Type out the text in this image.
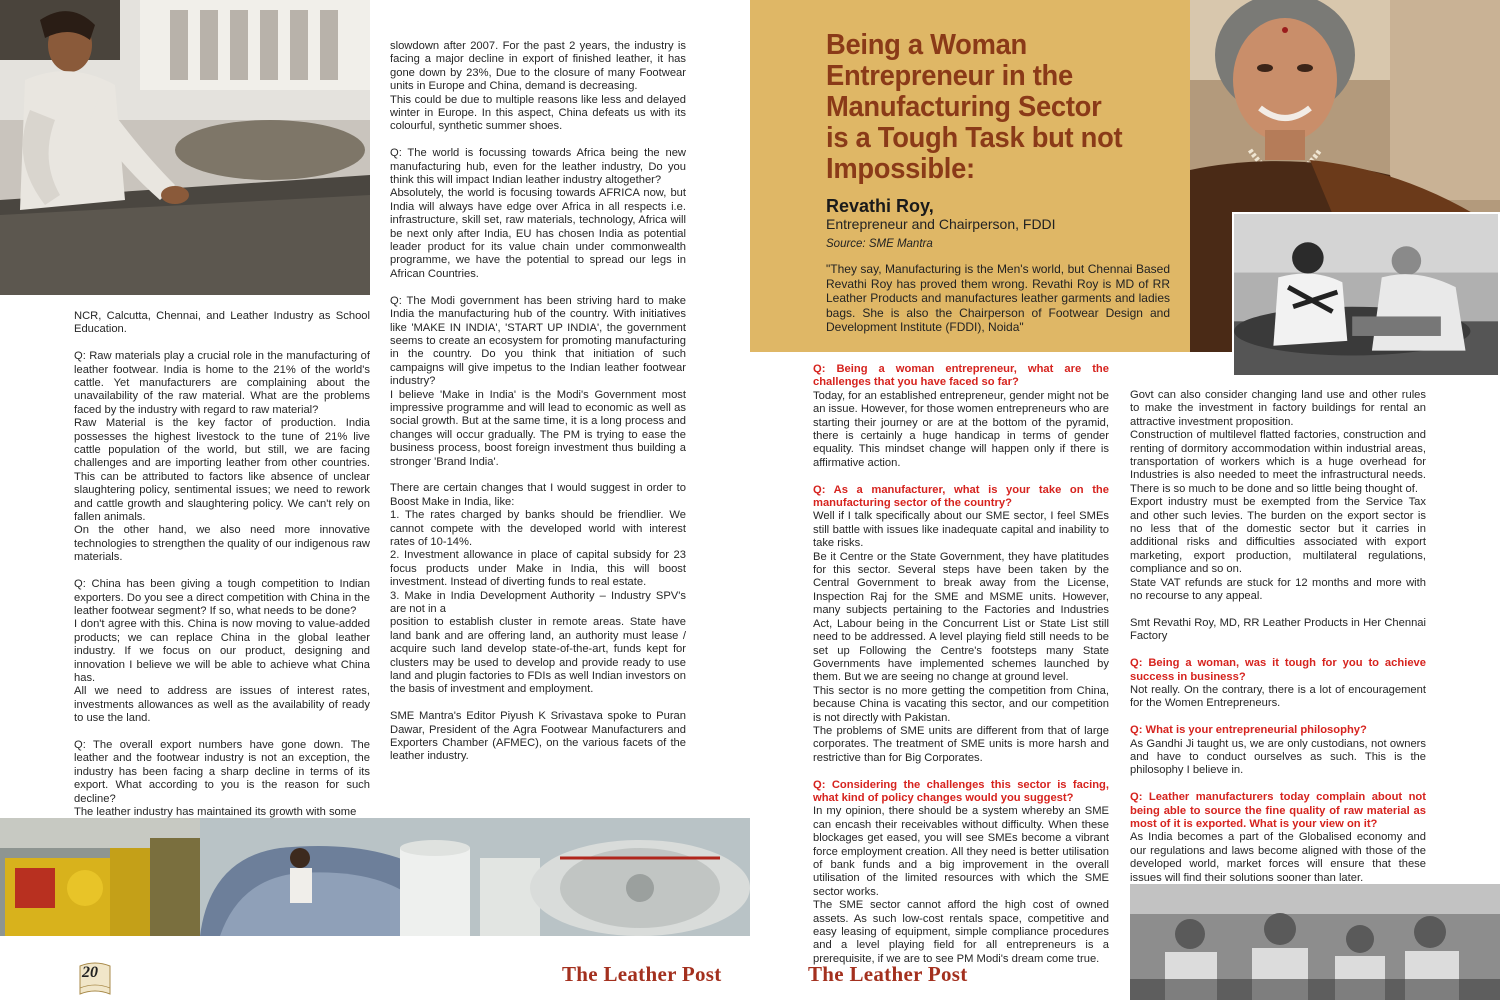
NCR, Calcutta, Chennai, and Leather Industry as School Education.

Q: Raw materials play a crucial role in the manufacturing of leather footwear. India is home to the 21% of the world's cattle. Yet manufacturers are complaining about the unavailability of the raw material. What are the problems faced by the industry with regard to raw material?

Raw Material is the key factor of production. India possesses the highest livestock to the tune of 21% live cattle population of the world, but still, we are facing challenges and are importing leather from other countries. This can be attributed to factors like absence of unclear slaughtering policy, sentimental issues; we need to rework and cattle growth and slaughtering policy. We can't rely on fallen animals.

On the other hand, we also need more innovative technologies to strengthen the quality of our indigenous raw materials.

Q: China has been giving a tough competition to Indian exporters. Do you see a direct competition with China in the leather footwear segment? If so, what needs to be done?

I don't agree with this. China is now moving to value-added products; we can replace China in the global leather industry. If we focus on our product, designing and innovation I believe we will be able to achieve what China has.

All we need to address are issues of interest rates, investments allowances as well as the availability of ready to use the land.

Q: The overall export numbers have gone down. The leather and the footwear industry is not an exception, the industry has been facing a sharp decline in terms of its export. What according to you is the reason for such decline?

The leather industry has maintained its growth with some

slowdown after 2007. For the past 2 years, the industry is facing a major decline in export of finished leather, it has gone down by 23%, Due to the closure of many Footwear units in Europe and China, demand is decreasing.

This could be due to multiple reasons like less and delayed winter in Europe. In this aspect, China defeats us with its colourful, synthetic summer shoes.

Q: The world is focussing towards Africa being the new manufacturing hub, even for the leather industry, Do you think this will impact Indian leather industry altogether?

Absolutely, the world is focusing towards AFRICA now, but India will always have edge over Africa in all respects i.e. infrastructure, skill set, raw materials, technology, Africa will be next only after India, EU has chosen India as potential leader product for its value chain under commonwealth programme, we have the potential to spread our legs in African Countries.

Q: The Modi government has been striving hard to make India the manufacturing hub of the country. With initiatives like 'MAKE IN INDIA', 'START UP INDIA', the government seems to create an ecosystem for promoting manufacturing in the country. Do you think that initiation of such campaigns will give impetus to the Indian leather footwear industry?

I believe 'Make in India' is the Modi's Government most impressive programme and will lead to economic as well as social growth. But at the same time, it is a long process and changes will occur gradually. The PM is trying to ease the business process, boost foreign investment thus building a stronger 'Brand India'.

There are certain changes that I would suggest in order to Boost Make in India, like:

1. The rates charged by banks should be friendlier. We cannot compete with the developed world with interest rates of 10-14%.

2. Investment allowance in place of capital subsidy for 23 focus products under Make in India, this will boost investment. Instead of diverting funds to real estate.

3. Make in India Development Authority – Industry SPV's are not in a

position to establish cluster in remote areas. State have land bank and are offering land, an authority must lease / acquire such land develop state-of-the-art, funds kept for clusters may be used to develop and provide ready to use land and plugin factories to FDIs as well Indian investors on the basis of investment and employment.

SME Mantra's Editor Piyush K Srivastava spoke to Puran Dawar, President of the Agra Footwear Manufacturers and Exporters Chamber (AFMEC), on the various facets of the leather industry.

20	The Leather Post
Being a Woman Entrepreneur in the Manufacturing Sector is a Tough Task but not Impossible:
Revathi Roy,
Entrepreneur and Chairperson, FDDI
Source: SME Mantra
"They say, Manufacturing is the Men's world, but Chennai Based Revathi Roy has proved them wrong. Revathi Roy is MD of RR Leather Products and manufactures leather garments and ladies bags. She is also the Chairperson of Footwear Design and Development Institute (FDDI), Noida"

Q: Being a woman entrepreneur, what are the challenges that you have faced so far?

Today, for an established entrepreneur, gender might not be an issue. However, for those women entrepreneurs who are starting their journey or are at the bottom of the pyramid, there is certainly a huge handicap in terms of gender equality. This mindset change will happen only if there is affirmative action.

Q: As a manufacturer, what is your take on the manufacturing sector of the country?

Well if I talk specifically about our SME sector, I feel SMEs still battle with issues like inadequate capital and inability to take risks.

Be it Centre or the State Government, they have platitudes for this sector. Several steps have been taken by the Central Government to break away from the License, Inspection Raj for the SME and MSME units. However, many subjects pertaining to the Factories and Industries Act, Labour being in the Concurrent List or State List still need to be addressed. A level playing field still needs to be set up Following the Centre's footsteps many State Governments have implemented schemes launched by them. But we are seeing no change at ground level.

This sector is no more getting the competition from China, because China is vacating this sector, and our competition is not directly with Pakistan.

The problems of SME units are different from that of large corporates. The treatment of SME units is more harsh and restrictive than for Big Corporates.

Q: Considering the challenges this sector is facing, what kind of policy changes would you suggest?

In my opinion, there should be a system whereby an SME can encash their receivables without difficulty. When these blockages get eased, you will see SMEs become a vibrant force employment creation. All they need is better utilisation of bank funds and a big improvement in the overall utilisation of the limited resources with which the SME sector works.

The SME sector cannot afford the high cost of owned assets. As such low-cost rentals space, competitive and easy leasing of equipment, simple compliance procedures and a level playing field for all entrepreneurs is a prerequisite, if we are to see PM Modi's dream come true.

Govt can also consider changing land use and other rules to make the investment in factory buildings for rental an attractive investment proposition.

Construction of multilevel flatted factories, construction and renting of dormitory accommodation within industrial areas, transportation of workers which is a huge overhead for Industries is also needed to meet the infrastructural needs. There is so much to be done and so little being thought of.

Export industry must be exempted from the Service Tax and other such levies. The burden on the export sector is no less that of the domestic sector but it carries in additional risks and difficulties associated with export marketing, export production, multilateral regulations, compliance and so on.

State VAT refunds are stuck for 12 months and more with no recourse to any appeal.

Smt Revathi Roy, MD, RR Leather Products in Her Chennai Factory

Q: Being a woman, was it tough for you to achieve success in business?

Not really. On the contrary, there is a lot of encouragement for the Women Entrepreneurs.

Q: What is your entrepreneurial philosophy?

As Gandhi Ji taught us, we are only custodians, not owners and have to conduct ourselves as such. This is the philosophy I believe in.

Q: Leather manufacturers today complain about not being able to source the fine quality of raw material as most of it is exported. What is your view on it?

As India becomes a part of the Globalised economy and our regulations and laws become aligned with those of the developed world, market forces will ensure that these issues will find their solutions sooner than later.

The Leather Post
